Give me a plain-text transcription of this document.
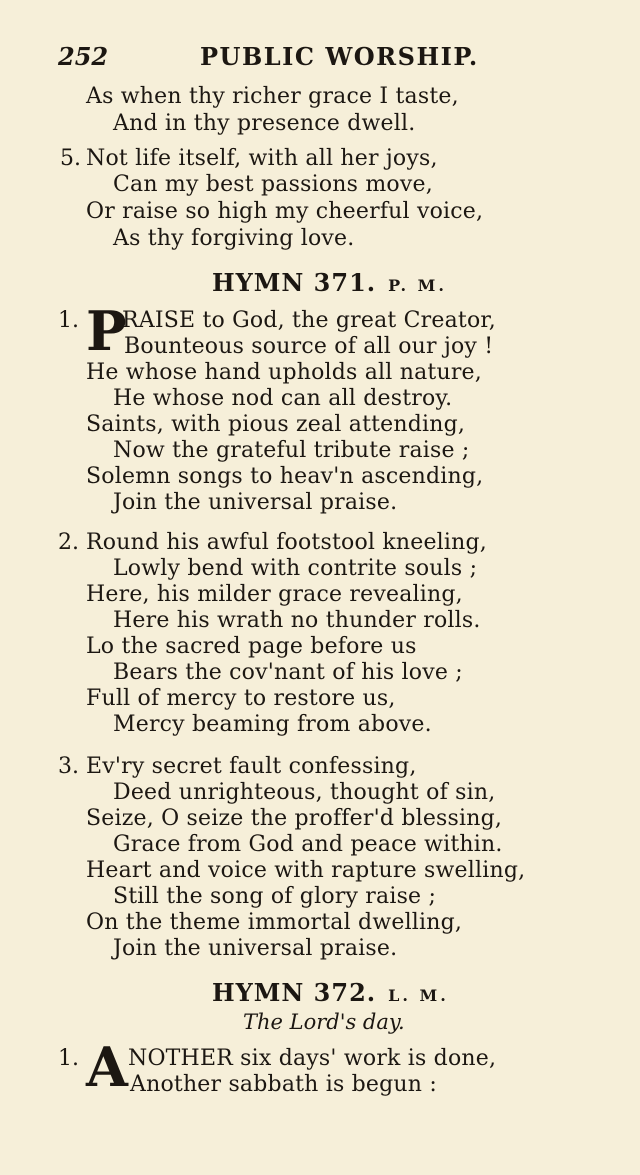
252	PUBLIC WORSHIP.
As when thy richer grace I taste,
And in thy presence dwell.
5. Not life itself, with all her joys,
Can my best passions move,
Or raise so high my cheerful voice,
As thy forgiving love.
HYMN 371. P. M.
1. P
RAISE to God, the great Creator,
Bounteous source of all our joy !
He whose hand upholds all nature,
He whose nod can all destroy.
Saints, with pious zeal attending,
Now the grateful tribute raise ;
Solemn songs to heav'n ascending,
Join the universal praise.
2. Round his awful footstool kneeling,
Lowly bend with contrite souls ;
Here, his milder grace revealing,
Here his wrath no thunder rolls.
Lo the sacred page before us
Bears the cov'nant of his love ;
Full of mercy to restore us,
Mercy beaming from above.
3. Ev'ry secret fault confessing,
Deed unrighteous, thought of sin,
Seize, O seize the proffer'd blessing,
Grace from God and peace within.
Heart and voice with rapture swelling,
Still the song of glory raise ;
On the theme immortal dwelling,
Join the universal praise.
HYMN 372. L. M.
The Lord's day.
1. A NOTHER six days' work is done,
Another sabbath is begun :
